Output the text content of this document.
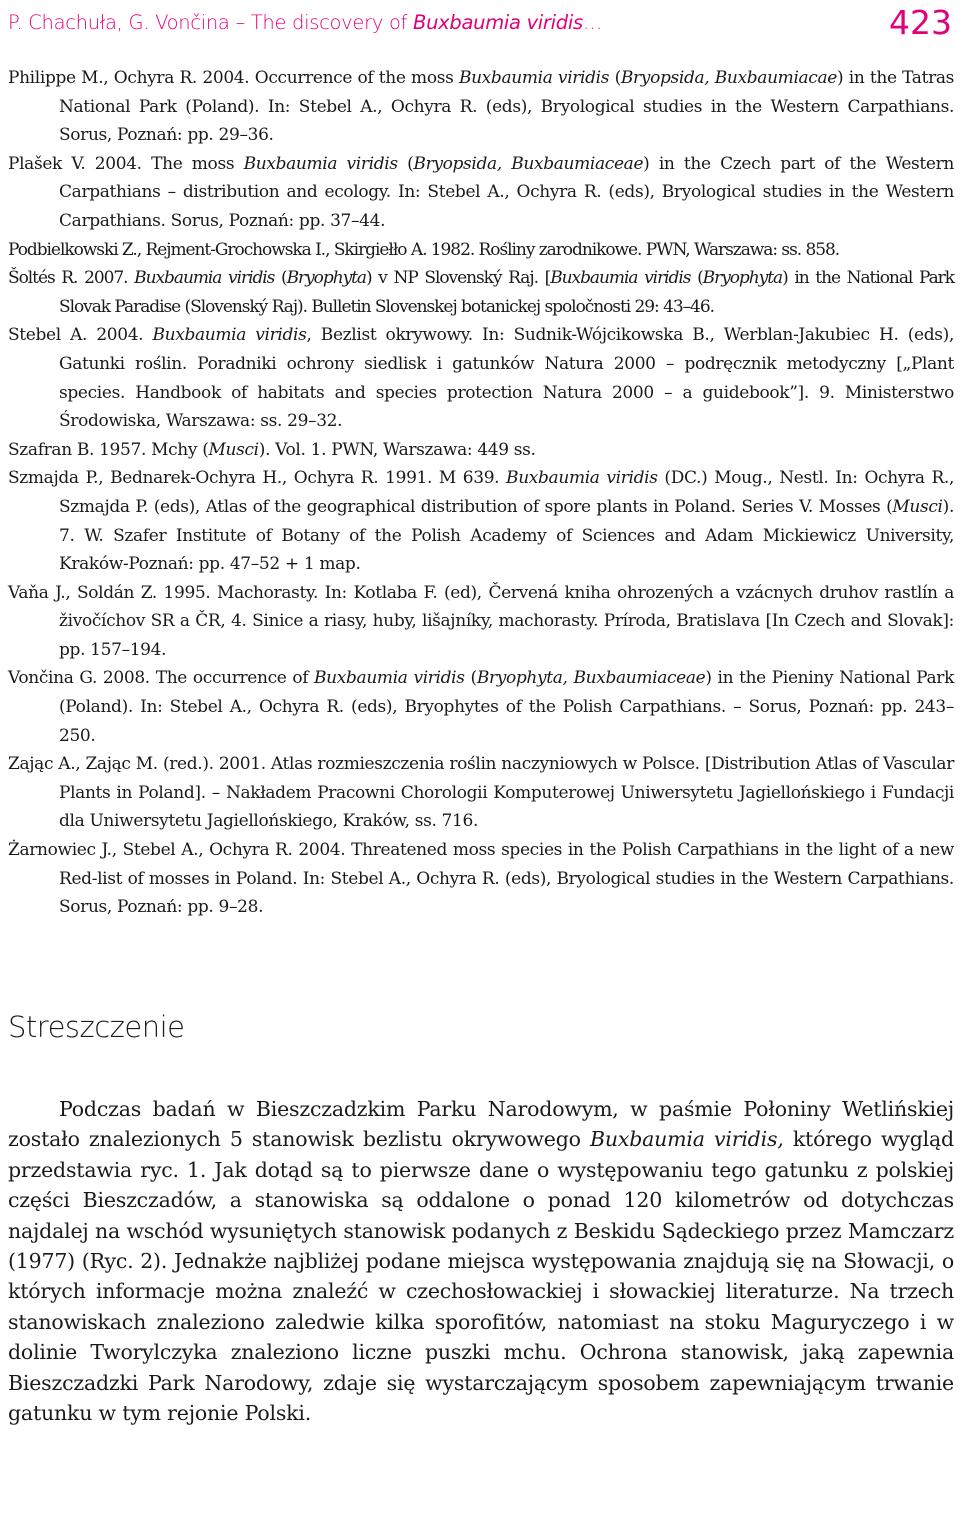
P. Chachuła, G. Vončina – The discovery of Buxbaumia viridis…	423

Philippe M., Ochyra R. 2004. Occurrence of the moss Buxbaumia viridis (Bryopsida, Buxbaumiacae) in the Tatras National Park (Poland). In: Stebel A., Ochyra R. (eds), Bryological studies in the Western Carpathians. Sorus, Poznań: pp. 29–36.

Plašek V. 2004. The moss Buxbaumia viridis (Bryopsida, Buxbaumiaceae) in the Czech part of the Western Carpathians – distribution and ecology. In: Stebel A., Ochyra R. (eds), Bryological studies in the Western Carpathians. Sorus, Poznań: pp. 37–44.

Podbielkowski Z., Rejment-Grochowska I., Skirgiełło A. 1982. Rośliny zarodnikowe. PWN, Warszawa: ss. 858.

Šoltés R. 2007. Buxbaumia viridis (Bryophyta) v NP Slovenský Raj. [Buxbaumia viridis (Bryophyta) in the National Park Slovak Paradise (Slovenský Raj). Bulletin Slovenskej botanickej spoločnosti 29: 43–46.

Stebel A. 2004. Buxbaumia viridis, Bezlist okrywowy. In: Sudnik-Wójcikowska B., Werblan-Jakubiec H. (eds), Gatunki roślin. Poradniki ochrony siedlisk i gatunków Natura 2000 – podręcznik metodyczny [„Plant species. Handbook of habitats and species protection Natura 2000 – a guidebook”]. 9. Ministerstwo Środowiska, Warszawa: ss. 29–32.

Szafran B. 1957. Mchy (Musci). Vol. 1. PWN, Warszawa: 449 ss.

Szmajda P., Bednarek-Ochyra H., Ochyra R. 1991. M 639. Buxbaumia viridis (DC.) Moug., Nestl. In: Ochyra R., Szmajda P. (eds), Atlas of the geographical distribution of spore plants in Poland. Series V. Mosses (Musci). 7. W. Szafer Institute of Botany of the Polish Academy of Sciences and Adam Mickiewicz University, Kraków-Poznań: pp. 47–52 + 1 map.

Vaňa J., Soldán Z. 1995. Machorasty. In: Kotlaba F. (ed), Červená kniha ohrozených a vzácnych druhov rastlín a živočíchov SR a ČR, 4. Sinice a riasy, huby, lišajníky, machorasty. Príroda, Bratislava [In Czech and Slovak]: pp. 157–194.

Vončina G. 2008. The occurrence of Buxbaumia viridis (Bryophyta, Buxbaumiaceae) in the Pieniny National Park (Poland). In: Stebel A., Ochyra R. (eds), Bryophytes of the Polish Carpathians. – Sorus, Poznań: pp. 243–250.

Zając A., Zając M. (red.). 2001. Atlas rozmieszczenia roślin naczyniowych w Polsce. [Distribution Atlas of Vascular Plants in Poland]. – Nakładem Pracowni Chorologii Komputerowej Uniwersytetu Jagiellońskiego i Fundacji dla Uniwersytetu Jagiellońskiego, Kraków, ss. 716.

Żarnowiec J., Stebel A., Ochyra R. 2004. Threatened moss species in the Polish Carpathians in the light of a new Red-list of mosses in Poland. In: Stebel A., Ochyra R. (eds), Bryological studies in the Western Carpathians. Sorus, Poznań: pp. 9–28.

Streszczenie

Podczas badań w Bieszczadzkim Parku Narodowym, w paśmie Połoniny Wetlińskiej zostało znalezionych 5 stanowisk bezlistu okrywowego Buxbaumia viridis, którego wygląd przedstawia ryc. 1. Jak dotąd są to pierwsze dane o występowaniu tego gatunku z polskiej części Bieszczadów, a stanowiska są oddalone o ponad 120 kilometrów od dotychczas najdalej na wschód wysuniętych stanowisk podanych z Beskidu Sądeckiego przez Mamczarz (1977) (Ryc. 2). Jednakże najbliżej podane miejsca występowania znajdują się na Słowacji, o których informacje można znaleźć w czechosłowackiej i słowackiej literaturze. Na trzech stanowiskach znaleziono zaledwie kilka sporofitów, natomiast na stoku Maguryczego i w dolinie Tworylczyka znaleziono liczne puszki mchu. Ochrona stanowisk, jaką zapewnia Bieszczadzki Park Narodowy, zdaje się wystarczającym sposobem zapewniającym trwanie gatunku w tym rejonie Polski.
